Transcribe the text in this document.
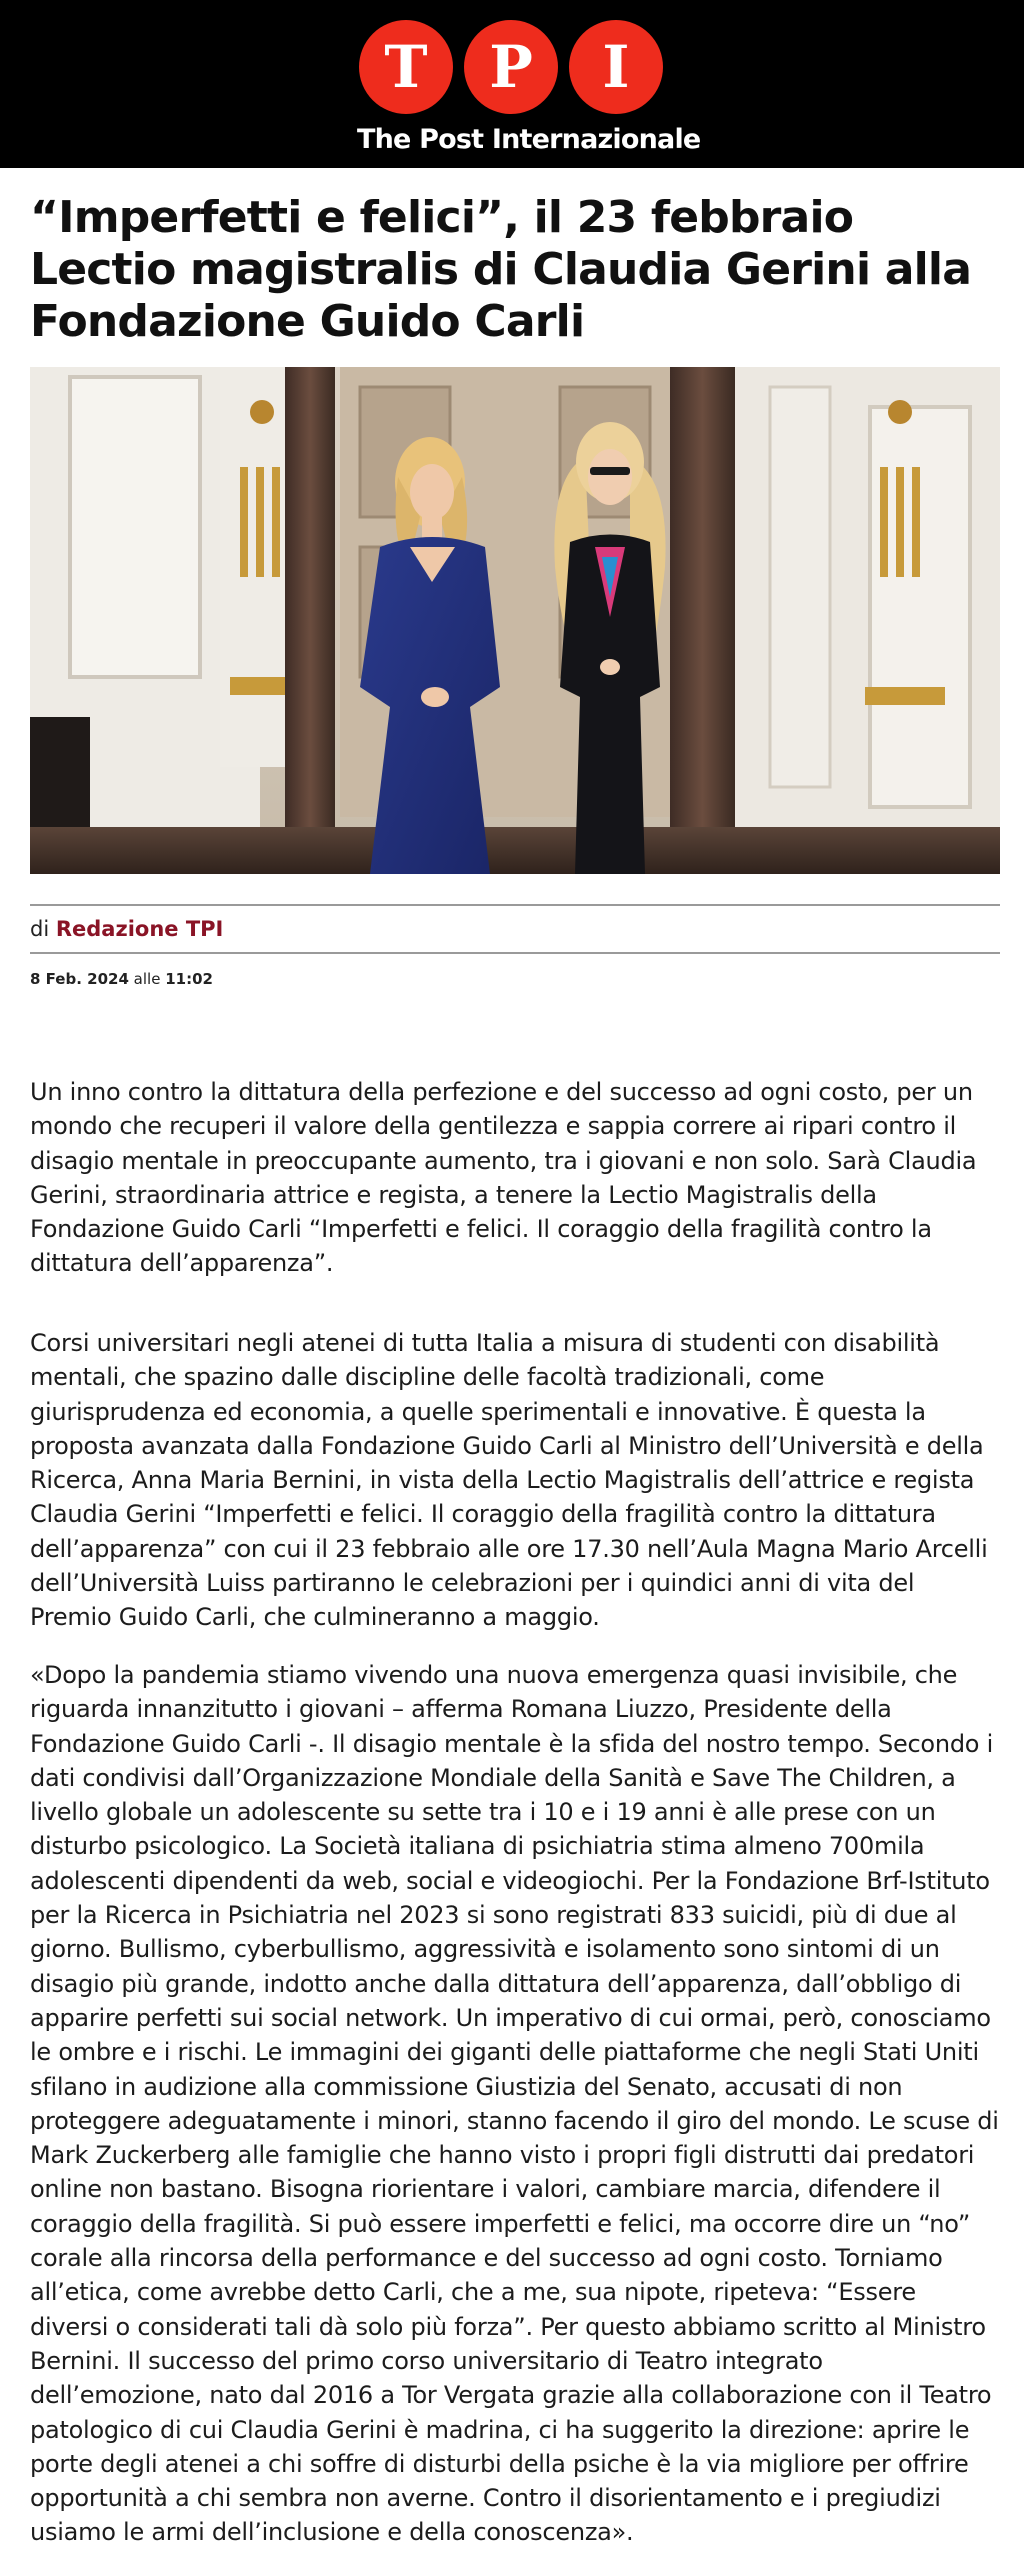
T	P	I
The Post Internazionale
“Imperfetti e felici”, il 23 febbraio Lectio magistralis di Claudia Gerini alla Fondazione Guido Carli
di Redazione TPI
8 Feb. 2024 alle 11:02

Un inno contro la dittatura della perfezione e del successo ad ogni costo, per un mondo che recuperi il valore della gentilezza e sappia correre ai ripari contro il disagio mentale in preoccupante aumento, tra i giovani e non solo. Sarà Claudia Gerini, straordinaria attrice e regista, a tenere la Lectio Magistralis della Fondazione Guido Carli “Imperfetti e felici. Il coraggio della fragilità contro la dittatura dell’apparenza”.

Corsi universitari negli atenei di tutta Italia a misura di studenti con disabilità mentali, che spazino dalle discipline delle facoltà tradizionali, come giurisprudenza ed economia, a quelle sperimentali e innovative. È questa la proposta avanzata dalla Fondazione Guido Carli al Ministro dell’Università e della Ricerca, Anna Maria Bernini, in vista della Lectio Magistralis dell’attrice e regista Claudia Gerini “Imperfetti e felici. Il coraggio della fragilità contro la dittatura dell’apparenza” con cui il 23 febbraio alle ore 17.30 nell’Aula Magna Mario Arcelli dell’Università Luiss partiranno le celebrazioni per i quindici anni di vita del Premio Guido Carli, che culmineranno a maggio.

«Dopo la pandemia stiamo vivendo una nuova emergenza quasi invisibile, che riguarda innanzitutto i giovani – afferma Romana Liuzzo, Presidente della Fondazione Guido Carli -. Il disagio mentale è la sfida del nostro tempo. Secondo i dati condivisi dall’Organizzazione Mondiale della Sanità e Save The Children, a livello globale un adolescente su sette tra i 10 e i 19 anni è alle prese con un disturbo psicologico. La Società italiana di psichiatria stima almeno 700mila adolescenti dipendenti da web, social e videogiochi. Per la Fondazione Brf-Istituto per la Ricerca in Psichiatria nel 2023 si sono registrati 833 suicidi, più di due al giorno. Bullismo, cyberbullismo, aggressività e isolamento sono sintomi di un disagio più grande, indotto anche dalla dittatura dell’apparenza, dall’obbligo di apparire perfetti sui social network. Un imperativo di cui ormai, però, conosciamo le ombre e i rischi. Le immagini dei giganti delle piattaforme che negli Stati Uniti sfilano in audizione alla commissione Giustizia del Senato, accusati di non proteggere adeguatamente i minori, stanno facendo il giro del mondo. Le scuse di Mark Zuckerberg alle famiglie che hanno visto i propri figli distrutti dai predatori online non bastano. Bisogna riorientare i valori, cambiare marcia, difendere il coraggio della fragilità. Si può essere imperfetti e felici, ma occorre dire un “no” corale alla rincorsa della performance e del successo ad ogni costo. Torniamo all’etica, come avrebbe detto Carli, che a me, sua nipote, ripeteva: “Essere diversi o considerati tali dà solo più forza”. Per questo abbiamo scritto al Ministro Bernini. Il successo del primo corso universitario di Teatro integrato dell’emozione, nato dal 2016 a Tor Vergata grazie alla collaborazione con il Teatro patologico di cui Claudia Gerini è madrina, ci ha suggerito la direzione: aprire le porte degli atenei a chi soffre di disturbi della psiche è la via migliore per offrire opportunità a chi sembra non averne. Contro il disorientamento e i pregiudizi usiamo le armi dell’inclusione e della conoscenza».
